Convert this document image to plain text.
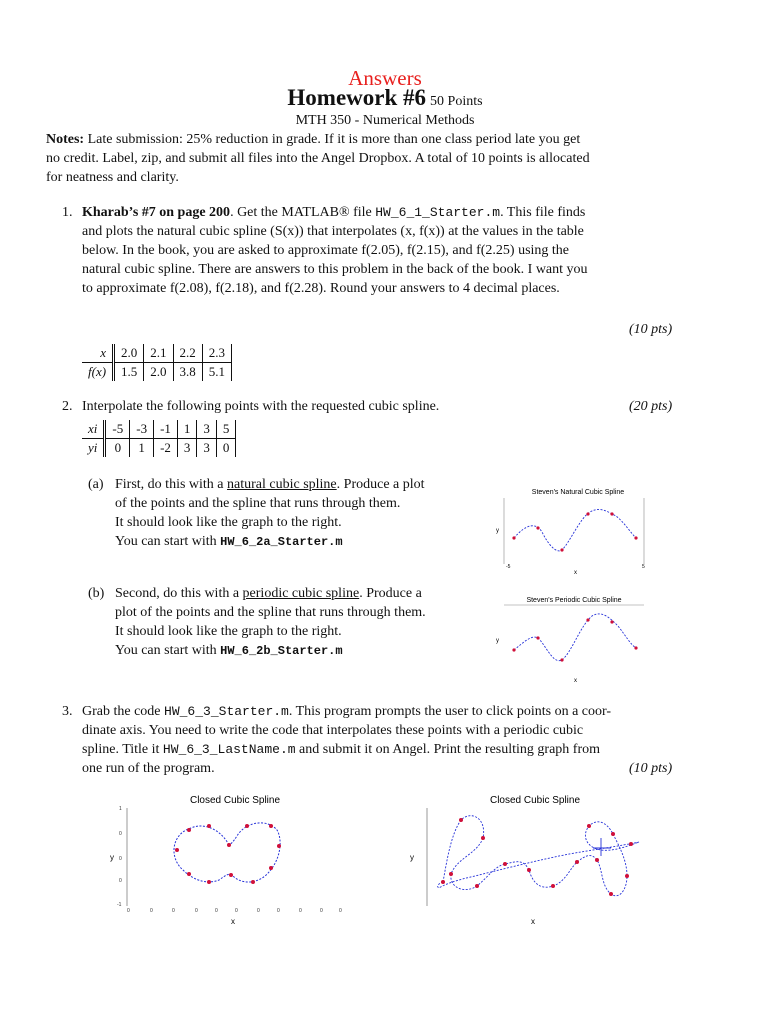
Answers
Homework #6 50 Points
MTH 350 - Numerical Methods
Notes: Late submission: 25% reduction in grade. If it is more than one class period late you get
no credit. Label, zip, and submit all files into the Angel Dropbox. A total of 10 points is allocated
for neatness and clarity.
1. Kharab’s #7 on page 200. Get the MATLAB® file HW_6_1_Starter.m. This file finds
and plots the natural cubic spline (S(x)) that interpolates (x, f(x)) at the values in the table
below. In the book, you are asked to approximate f(2.05), f(2.15), and f(2.25) using the
natural cubic spline. There are answers to this problem in the back of the book. I want you
to approximate f(2.08), f(2.18), and f(2.28). Round your answers to 4 decimal places.
(10 pts)
x	2.0	2.1	2.2	2.3
f(x)	1.5	2.0	3.8	5.1
2. Interpolate the following points with the requested cubic spline.	(20 pts)
xi	-5	-3	-1	1	3	5
yi	0	1	-2	3	3	0
(a) First, do this with a natural cubic spline. Produce a plot
of the points and the spline that runs through them.
It should look like the graph to the right.
You can start with HW_6_2a_Starter.m
Steven's Natural Cubic Spline
y
x
-5	5
(b) Second, do this with a periodic cubic spline. Produce a
plot of the points and the spline that runs through them.
It should look like the graph to the right.
You can start with HW_6_2b_Starter.m
Steven's Periodic Cubic Spline
y
x
3. Grab the code HW_6_3_Starter.m. This program prompts the user to click points on a coor-
dinate axis. You need to write the code that interpolates these points with a periodic cubic
spline. Title it HW_6_3_LastName.m and submit it on Angel. Print the resulting graph from
one run of the program.	(10 pts)
Closed Cubic Spline
y
x
1
0
0
0
-1
0	0	0	0	0	0	0	0	0	0	0
Closed Cubic Spline
y
x
